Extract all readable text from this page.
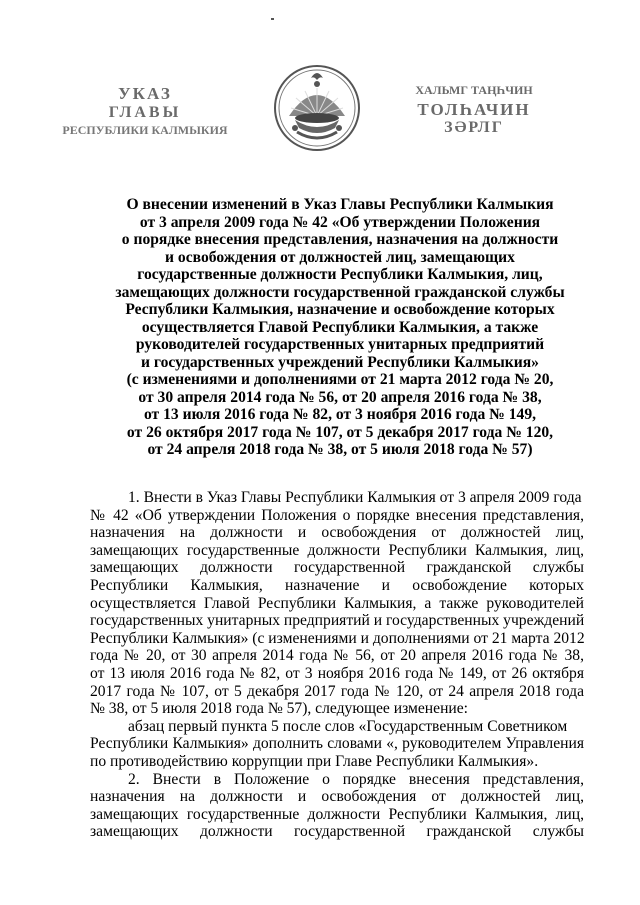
УКАЗ
ГЛАВЫ
РЕСПУБЛИКИ КАЛМЫКИЯ
ХАЛЬМГ ТАҢҺЧИН
ТОЛҺАЧИН
ЗӘРЛГ
О внесении изменений в Указ Главы Республики Калмыкия
от 3 апреля 2009 года № 42 «Об утверждении Положения
о порядке внесения представления, назначения на должности
и освобождения от должностей лиц, замещающих
государственные должности Республики Калмыкия, лиц,
замещающих должности государственной гражданской службы
Республики Калмыкия, назначение и освобождение которых
осуществляется Главой Республики Калмыкия, а также
руководителей государственных унитарных предприятий
и государственных учреждений Республики Калмыкия»
(с изменениями и дополнениями от 21 марта 2012 года № 20,
от 30 апреля 2014 года № 56, от 20 апреля 2016 года № 38,
от 13 июля 2016 года № 82, от 3 ноября 2016 года № 149,
от 26 октября 2017 года № 107, от 5 декабря 2017 года № 120,
от 24 апреля 2018 года № 38, от 5 июля 2018 года № 57)
1. Внести в Указ Главы Республики Калмыкия от 3 апреля 2009 года
№ 42 «Об утверждении Положения о порядке внесения представления,
назначения на должности и освобождения от должностей лиц,
замещающих государственные должности Республики Калмыкия, лиц,
замещающих должности государственной гражданской службы
Республики Калмыкия, назначение и освобождение которых
осуществляется Главой Республики Калмыкия, а также руководителей
государственных унитарных предприятий и государственных учреждений
Республики Калмыкия» (с изменениями и дополнениями от 21 марта 2012
года № 20, от 30 апреля 2014 года № 56, от 20 апреля 2016 года № 38,
от 13 июля 2016 года № 82, от 3 ноября 2016 года № 149, от 26 октября
2017 года № 107, от 5 декабря 2017 года № 120, от 24 апреля 2018 года
№ 38, от 5 июля 2018 года № 57), следующее изменение:
абзац первый пункта 5 после слов «Государственным Советником
Республики Калмыкия» дополнить словами «, руководителем Управления
по противодействию коррупции при Главе Республики Калмыкия».
2. Внести в Положение о порядке внесения представления,
назначения на должности и освобождения от должностей лиц,
замещающих государственные должности Республики Калмыкия, лиц,
замещающих должности государственной гражданской службы
